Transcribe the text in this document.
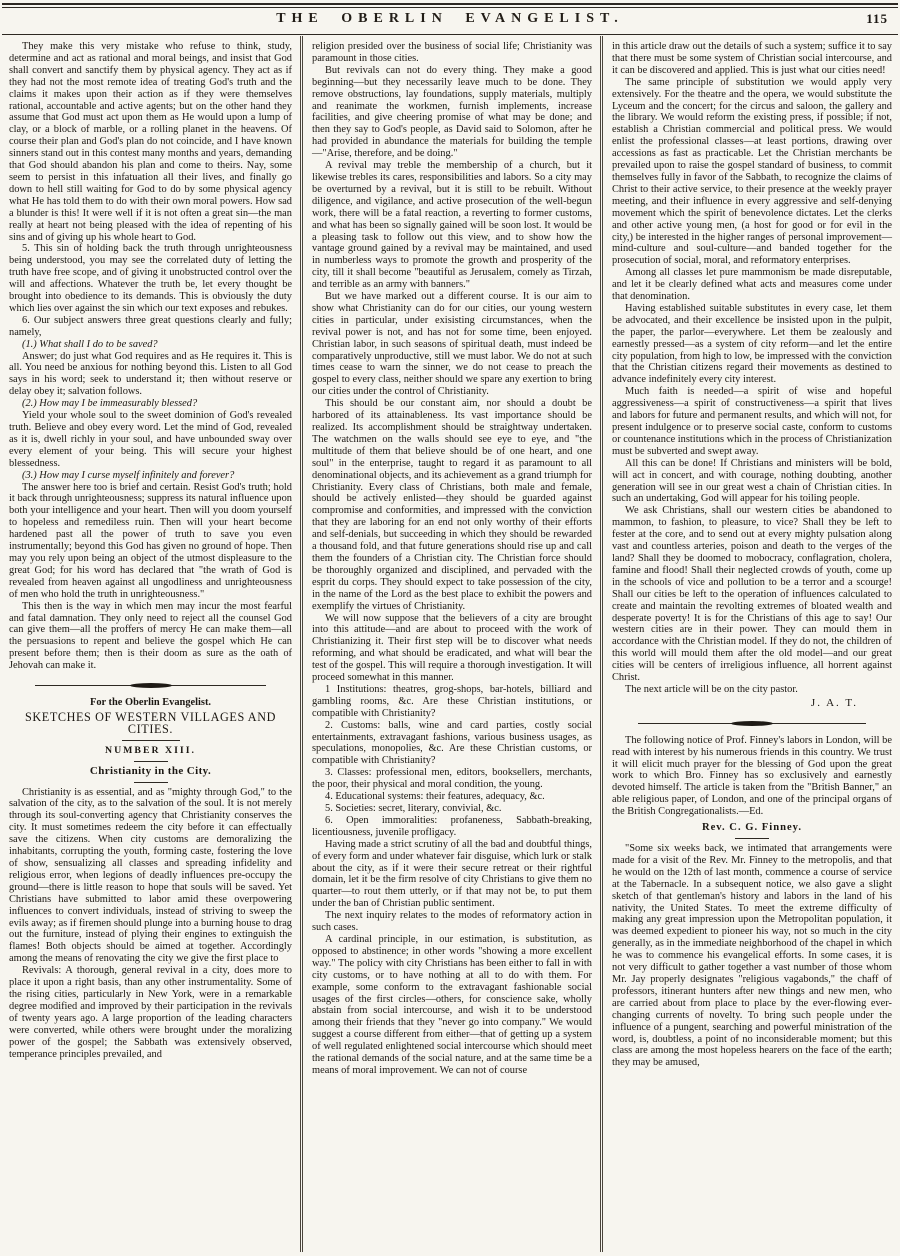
THE OBERLIN EVANGELIST.	115

They make this very mistake who refuse to think, study, determine and act as rational and moral beings, and insist that God shall convert and sanctify them by physical agency. They act as if they had not the most remote idea of treating God's truth and the claims it makes upon their action as if they were themselves rational, accountable and active agents; but on the other hand they assume that God must act upon them as He would upon a lump of clay, or a block of marble, or a rolling planet in the heavens. Of course their plan and God's plan do not coincide, and I have known sinners stand out in this contest many months and years, demanding that God should abandon his plan and come to theirs. Nay, some seem to persist in this infatuation all their lives, and finally go down to hell still waiting for God to do by some physical agency what He has told them to do with their own moral powers. How sad a blunder is this! It were well if it is not often a great sin—the man really at heart not being pleased with the idea of repenting of his sins and of giving up his whole heart to God.

5. This sin of holding back the truth through unrighteousness being understood, you may see the correlated duty of letting the truth have free scope, and of giving it unobstructed control over the will and affections. Whatever the truth be, let every thought be brought into obedience to its demands. This is obviously the duty which lies over against the sin which our text exposes and rebukes.

6. Our subject answers three great questions clearly and fully; namely,

(1.) What shall I do to be saved?

Answer; do just what God requires and as He requires it. This is all. You need be anxious for nothing beyond this. Listen to all God says in his word; seek to understand it; then without reserve or delay obey it; salvation follows.

(2.) How may I be immeasurably blessed?

Yield your whole soul to the sweet dominion of God's revealed truth. Believe and obey every word. Let the mind of God, revealed as it is, dwell richly in your soul, and have unbounded sway over every element of your being. This will secure your highest blessedness.

(3.) How may I curse myself infinitely and forever?

The answer here too is brief and certain. Resist God's truth; hold it back through unrighteousness; suppress its natural influence upon both your intelligence and your heart. Then will you doom yourself to hopeless and remediless ruin. Then will your heart become hardened past all the power of truth to save you even instrumentally; beyond this God has given no ground of hope. Then may you rely upon being an object of the utmost displeasure to the great God; for his word has declared that "the wrath of God is revealed from heaven against all ungodliness and unrighteousness of men who hold the truth in unrighteousness."

This then is the way in which men may incur the most fearful and fatal damnation. They only need to reject all the counsel God can give them—all the proffers of mercy He can make them—all the persuasions to repent and believe the gospel which He can present before them; then is their doom as sure as the oath of Jehovah can make it.

For the Oberlin Evangelist.

SKETCHES OF WESTERN VILLAGES AND CITIES.

NUMBER XIII.

Christianity in the City.

Christianity is as essential, and as "mighty through God," to the salvation of the city, as to the salvation of the soul. It is not merely through its soul-converting agency that Christianity conserves the city. It must sometimes redeem the city before it can effectually save the citizens. When city customs are demoralizing the inhabitants, corrupting the youth, forming caste, fostering the love of show, sensualizing all classes and spreading infidelity and religious error, when legions of deadly influences pre-occupy the ground—there is little reason to hope that souls will be saved. Yet Christians have submitted to labor amid these overpowering influences to convert individuals, instead of striving to sweep the evils away; as if firemen should plunge into a burning house to drag out the furniture, instead of plying their engines to extinguish the flames! Both objects should be aimed at together. Accordingly among the means of renovating the city we give the first place to

Revivals: A thorough, general revival in a city, does more to place it upon a right basis, than any other instrumentality. Some of the rising cities, particularly in New York, were in a remarkable degree modified and improved by their participation in the revivals of twenty years ago. A large proportion of the leading characters were converted, while others were brought under the moralizing power of the gospel; the Sabbath was extensively observed, temperance principles prevailed, and

religion presided over the business of social life; Christianity was paramount in those cities.

But revivals can not do every thing. They make a good beginning—but they necessarily leave much to be done. They remove obstructions, lay foundations, supply materials, multiply and reanimate the workmen, furnish implements, increase facilities, and give cheering promise of what may be done; and then they say to God's people, as David said to Solomon, after he had provided in abundance the materials for building the temple—"Arise, therefore, and be doing."

A revival may treble the membership of a church, but it likewise trebles its cares, responsibilities and labors. So a city may be overturned by a revival, but it is still to be rebuilt. Without diligence, and vigilance, and active prosecution of the well-begun work, there will be a fatal reaction, a reverting to former customs, and what has been so signally gained will be soon lost. It would be a pleasing task to follow out this view, and to show how the vantage ground gained by a revival may be maintained, and used in numberless ways to promote the growth and prosperity of the city, till it shall become "beautiful as Jerusalem, comely as Tirzah, and terrible as an army with banners."

But we have marked out a different course. It is our aim to show what Christianity can do for our cities, our young western cities in particular, under exisisting circumstances, when the revival power is not, and has not for some time, been enjoyed. Christian labor, in such seasons of spiritual death, must indeed be comparatively unproductive, still we must labor. We do not at such times cease to warn the sinner, we do not cease to preach the gospel to every class, neither should we spare any exertion to bring our cities under the control of Christianity.

This should be our constant aim, nor should a doubt be harbored of its attainableness. Its vast importance should be realized. Its accomplishment should be straightway undertaken. The watchmen on the walls should see eye to eye, and "the multitude of them that believe should be of one heart, and one soul" in the enterprise, taught to regard it as paramount to all denominational objects, and its achievement as a grand triumph for Christianity. Every class of Christians, both male and female, should be actively enlisted—they should be guarded against compromise and conformities, and impressed with the conviction that they are laboring for an end not only worthy of their efforts and self-denials, but succeeding in which they should be rewarded a thousand fold, and that future generations should rise up and call them the founders of a Christian city. The Christian force should be thoroughly organized and disciplined, and pervaded with the esprit du corps. They should expect to take possession of the city, in the name of the Lord as the best place to exhibit the powers and exemplify the virtues of Christianity.

We will now suppose that the believers of a city are brought into this attitude—and are about to proceed with the work of Christianizing it. Their first step will be to discover what needs reforming, and what should be eradicated, and what will bear the test of the gospel. This will require a thorough investigation. It will proceed somewhat in this manner.

1 Institutions: theatres, grog-shops, bar-hotels, billiard and gambling rooms, &c. Are these Christian institutions, or compatible with Christianity?

2. Customs: balls, wine and card parties, costly social entertainments, extravagant fashions, various business usages, as speculations, monopolies, &c. Are these Christian customs, or compatible with Christianity?

3. Classes: professional men, editors, booksellers, merchants, the poor, their physical and moral condition, the young.

4. Educational systems: their features, adequacy, &c.

5. Societies: secret, literary, convivial, &c.

6. Open immoralities: profaneness, Sabbath-breaking, licentiousness, juvenile profligacy.

Having made a strict scrutiny of all the bad and doubtful things, of every form and under whatever fair disguise, which lurk or stalk about the city, as if it were their secure retreat or their rightful domain, let it be the firm resolve of city Christians to give them no quarter—to rout them utterly, or if that may not be, to put them under the ban of Christian public sentiment.

The next inquiry relates to the modes of reformatory action in such cases.

A cardinal principle, in our estimation, is substitution, as opposed to abstinence; in other words "showing a more excellent way." The policy with city Christians has been either to fall in with city customs, or to have nothing at all to do with them. For example, some conform to the extravagant fashionable social usages of the first circles—others, for conscience sake, wholly abstain from social intercourse, and wish it to be understood among their friends that they "never go into company." We would suggest a course different from either—that of getting up a system of well regulated enlightened social intercourse which should meet the rational demands of the social nature, and at the same time be a means of moral improvement. We can not of course

in this article draw out the details of such a system; suffice it to say that there must be some system of Christian social intercourse, and it can be discovered and applied. This is just what our cities need!

The same principle of substitution we would apply very extensively. For the theatre and the opera, we would substitute the Lyceum and the concert; for the circus and saloon, the gallery and the library. We would reform the existing press, if possible; if not, establish a Christian commercial and political press. We would enlist the professional classes—at least portions, drawing over accessions as fast as practicable. Let the Christian merchants be prevailed upon to raise the gospel standard of business, to commit themselves fully in favor of the Sabbath, to recognize the claims of Christ to their active service, to their presence at the weekly prayer meeting, and their influence in every aggressive and self-denying movement which the spirit of benevolence dictates. Let the clerks and other active young men, (a host for good or for evil in the city,) be interested in the higher ranges of personal improvement—mind-culture and soul-culture—and banded together for the prosecution of social, moral, and reformatory enterprises.

Among all classes let pure mammonism be made disreputable, and let it be clearly defined what acts and measures come under that denomination.

Having established suitable substitutes in every case, let them be advocated, and their excellence be insisted upon in the pulpit, the paper, the parlor—everywhere. Let them be zealously and earnestly pressed—as a system of city reform—and let the entire city population, from high to low, be impressed with the conviction that the Christian citizens regard their movements as destined to advance indefinitely every city interest.

Much faith is needed—a spirit of wise and hopeful aggressiveness—a spirit of constructiveness—a spirit that lives and labors for future and permanent results, and which will not, for present indulgence or to preserve social caste, conform to customs or countenance institutions which in the process of Christianization must be subverted and swept away.

All this can be done! If Christians and ministers will be bold, will act in concert, and with courage, nothing doubting, another generation will see in our great west a chain of Christian cities. In such an undertaking, God will appear for his toiling people.

We ask Christians, shall our western cities be abandoned to mammon, to fashion, to pleasure, to vice? Shall they be left to fester at the core, and to send out at every mighty pulsation along vast and countless arteries, poison and death to the verges of the land? Shall they be doomed to mobocracy, conflagration, cholera, famine and flood! Shall their neglected crowds of youth, come up in the schools of vice and pollution to be a terror and a scourge! Shall our cities be left to the operation of influences calculated to create and maintain the revolting extremes of bloated wealth and desperate poverty! It is for the Christians of this age to say! Our western cities are in their power. They can mould them in accordance with the Christian model. If they do not, the children of this world will mould them after the old model—and our great cities will be centers of irreligious influence, all horrent against Christ.

The next article will be on the city pastor.

J. A. T.

The following notice of Prof. Finney's labors in London, will be read with interest by his numerous friends in this country. We trust it will elicit much prayer for the blessing of God upon the great work to which Bro. Finney has so exclusively and earnestly devoted himself. The article is taken from the "British Banner," an able religious paper, of London, and one of the principal organs of the British Congregationalists.—Ed.

Rev. C. G. Finney.

"Some six weeks back, we intimated that arrangements were made for a visit of the Rev. Mr. Finney to the metropolis, and that he would on the 12th of last month, commence a course of service at the Tabernacle. In a subsequent notice, we also gave a slight sketch of that gentleman's history and labors in the land of his nativity, the United States. To meet the extreme difficulty of making any great impression upon the Metropolitan population, it was deemed expedient to pioneer his way, not so much in the city generally, as in the immediate neighborhood of the chapel in which he was to commence his evangelical efforts. In some cases, it is not very difficult to gather together a vast number of those whom Mr. Jay properly designates "religious vagabonds," the chaff of professors, itinerant hunters after new things and new men, who are carried about from place to place by the ever-flowing ever-changing currents of novelty. To bring such people under the influence of a pungent, searching and powerful ministration of the word, is, doubtless, a point of no inconsiderable moment; but this class are among the most hopeless hearers on the face of the earth; they may be amused,
